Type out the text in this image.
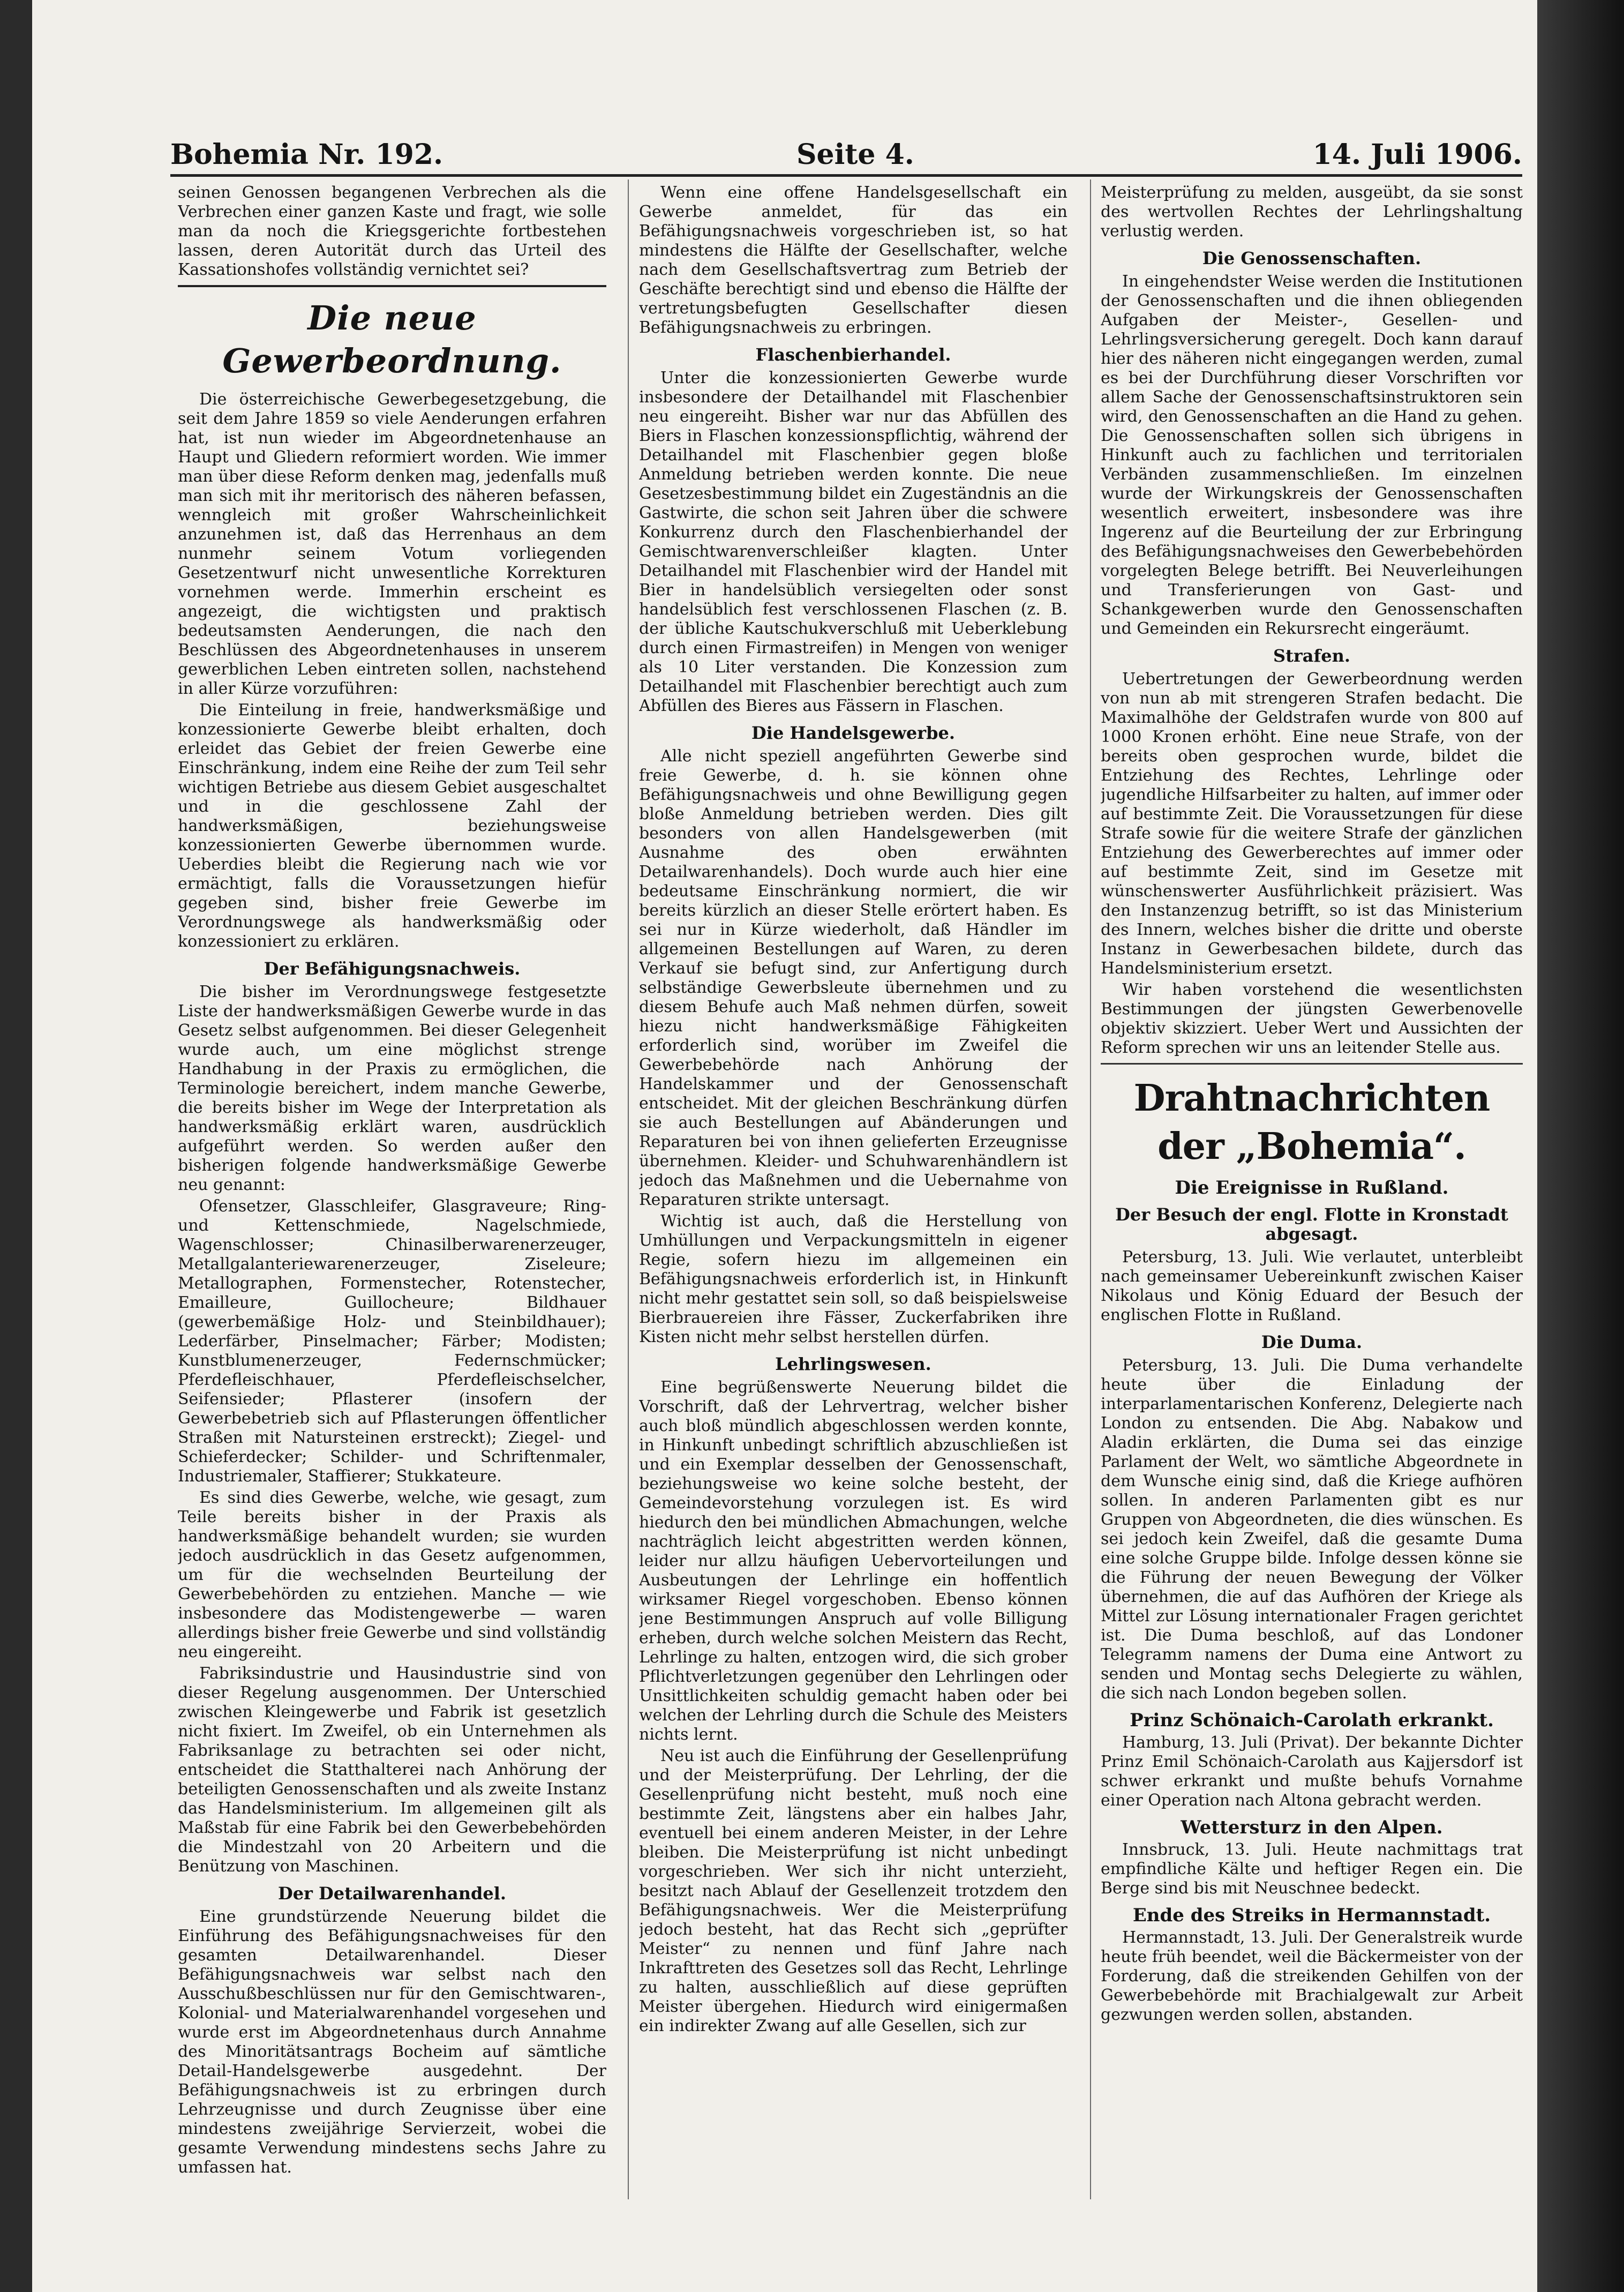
Bohemia Nr. 192.	Seite 4.	14. Juli 1906.

seinen Genossen begangenen Verbrechen als die Verbrechen einer ganzen Kaste und fragt, wie solle man da noch die Kriegsgerichte fortbestehen lassen, deren Autorität durch das Urteil des Kassationshofes vollständig vernichtet sei?

Die neue Gewerbeordnung.

Die österreichische Gewerbegesetzgebung, die seit dem Jahre 1859 so viele Aenderungen erfahren hat, ist nun wieder im Abgeordnetenhause an Haupt und Gliedern reformiert worden. Wie immer man über diese Reform denken mag, jedenfalls muß man sich mit ihr meritorisch des näheren befassen, wenngleich mit großer Wahrscheinlichkeit anzunehmen ist, daß das Herrenhaus an dem nunmehr seinem Votum vorliegenden Gesetzentwurf nicht unwesentliche Korrekturen vornehmen werde. Immerhin erscheint es angezeigt, die wichtigsten und praktisch bedeutsamsten Aenderungen, die nach den Beschlüssen des Abgeordnetenhauses in unserem gewerblichen Leben eintreten sollen, nachstehend in aller Kürze vorzuführen:

Die Einteilung in freie, handwerksmäßige und konzessionierte Gewerbe bleibt erhalten, doch erleidet das Gebiet der freien Gewerbe eine Einschränkung, indem eine Reihe der zum Teil sehr wichtigen Betriebe aus diesem Gebiet ausgeschaltet und in die geschlossene Zahl der handwerksmäßigen, beziehungsweise konzessionierten Gewerbe übernommen wurde. Ueberdies bleibt die Regierung nach wie vor ermächtigt, falls die Voraussetzungen hiefür gegeben sind, bisher freie Gewerbe im Verordnungswege als handwerksmäßig oder konzessioniert zu erklären.

Der Befähigungsnachweis.

Die bisher im Verordnungswege festgesetzte Liste der handwerksmäßigen Gewerbe wurde in das Gesetz selbst aufgenommen. Bei dieser Gelegenheit wurde auch, um eine möglichst strenge Handhabung in der Praxis zu ermöglichen, die Terminologie bereichert, indem manche Gewerbe, die bereits bisher im Wege der Interpretation als handwerksmäßig erklärt waren, ausdrücklich aufgeführt werden. So werden außer den bisherigen folgende handwerksmäßige Gewerbe neu genannt:

Ofensetzer, Glasschleifer, Glasgraveure; Ring- und Kettenschmiede, Nagelschmiede, Wagenschlosser; Chinasilberwarenerzeuger, Metallgalanteriewarenerzeuger, Ziseleure; Metallographen, Formenstecher, Rotenstecher, Emailleure, Guillocheure; Bildhauer (gewerbemäßige Holz- und Steinbildhauer); Lederfärber, Pinselmacher; Färber; Modisten; Kunstblumenerzeuger, Federnschmücker; Pferdefleischhauer, Pferdefleischselcher, Seifensieder; Pflasterer (insofern der Gewerbebetrieb sich auf Pflasterungen öffentlicher Straßen mit Natursteinen erstreckt); Ziegel- und Schieferdecker; Schilder- und Schriftenmaler, Industriemaler, Staffierer; Stukkateure.

Es sind dies Gewerbe, welche, wie gesagt, zum Teile bereits bisher in der Praxis als handwerksmäßige behandelt wurden; sie wurden jedoch ausdrücklich in das Gesetz aufgenommen, um für die wechselnden Beurteilung der Gewerbebehörden zu entziehen. Manche — wie insbesondere das Modistengewerbe — waren allerdings bisher freie Gewerbe und sind vollständig neu eingereiht.

Fabriksindustrie und Hausindustrie sind von dieser Regelung ausgenommen. Der Unterschied zwischen Kleingewerbe und Fabrik ist gesetzlich nicht fixiert. Im Zweifel, ob ein Unternehmen als Fabriksanlage zu betrachten sei oder nicht, entscheidet die Statthalterei nach Anhörung der beteiligten Genossenschaften und als zweite Instanz das Handelsministerium. Im allgemeinen gilt als Maßstab für eine Fabrik bei den Gewerbebehörden die Mindestzahl von 20 Arbeitern und die Benützung von Maschinen.

Der Detailwarenhandel.

Eine grundstürzende Neuerung bildet die Einführung des Befähigungsnachweises für den gesamten Detailwarenhandel. Dieser Befähigungsnachweis war selbst nach den Ausschußbeschlüssen nur für den Gemischtwaren-, Kolonial- und Materialwarenhandel vorgesehen und wurde erst im Abgeordnetenhaus durch Annahme des Minoritätsantrags Bocheim auf sämtliche Detail-Handelsgewerbe ausgedehnt. Der Befähigungsnachweis ist zu erbringen durch Lehrzeugnisse und durch Zeugnisse über eine mindestens zweijährige Servierzeit, wobei die gesamte Verwendung mindestens sechs Jahre zu umfassen hat.

Wenn eine offene Handelsgesellschaft ein Gewerbe anmeldet, für das ein Befähigungsnachweis vorgeschrieben ist, so hat mindestens die Hälfte der Gesellschafter, welche nach dem Gesellschaftsvertrag zum Betrieb der Geschäfte berechtigt sind und ebenso die Hälfte der vertretungsbefugten Gesellschafter diesen Befähigungsnachweis zu erbringen.

Flaschenbierhandel.

Unter die konzessionierten Gewerbe wurde insbesondere der Detailhandel mit Flaschenbier neu eingereiht. Bisher war nur das Abfüllen des Biers in Flaschen konzessionspflichtig, während der Detailhandel mit Flaschenbier gegen bloße Anmeldung betrieben werden konnte. Die neue Gesetzesbestimmung bildet ein Zugeständnis an die Gastwirte, die schon seit Jahren über die schwere Konkurrenz durch den Flaschenbierhandel der Gemischtwarenverschleißer klagten. Unter Detailhandel mit Flaschenbier wird der Handel mit Bier in handelsüblich versiegelten oder sonst handelsüblich fest verschlossenen Flaschen (z. B. der übliche Kautschukverschluß mit Ueberklebung durch einen Firmastreifen) in Mengen von weniger als 10 Liter verstanden. Die Konzession zum Detailhandel mit Flaschenbier berechtigt auch zum Abfüllen des Bieres aus Fässern in Flaschen.

Die Handelsgewerbe.

Alle nicht speziell angeführten Gewerbe sind freie Gewerbe, d. h. sie können ohne Befähigungsnachweis und ohne Bewilligung gegen bloße Anmeldung betrieben werden. Dies gilt besonders von allen Handelsgewerben (mit Ausnahme des oben erwähnten Detailwarenhandels). Doch wurde auch hier eine bedeutsame Einschränkung normiert, die wir bereits kürzlich an dieser Stelle erörtert haben. Es sei nur in Kürze wiederholt, daß Händler im allgemeinen Bestellungen auf Waren, zu deren Verkauf sie befugt sind, zur Anfertigung durch selbständige Gewerbsleute übernehmen und zu diesem Behufe auch Maß nehmen dürfen, soweit hiezu nicht handwerksmäßige Fähigkeiten erforderlich sind, worüber im Zweifel die Gewerbebehörde nach Anhörung der Handelskammer und der Genossenschaft entscheidet. Mit der gleichen Beschränkung dürfen sie auch Bestellungen auf Abänderungen und Reparaturen bei von ihnen gelieferten Erzeugnisse übernehmen. Kleider- und Schuhwarenhändlern ist jedoch das Maßnehmen und die Uebernahme von Reparaturen strikte untersagt.

Wichtig ist auch, daß die Herstellung von Umhüllungen und Verpackungsmitteln in eigener Regie, sofern hiezu im allgemeinen ein Befähigungsnachweis erforderlich ist, in Hinkunft nicht mehr gestattet sein soll, so daß beispielsweise Bierbrauereien ihre Fässer, Zuckerfabriken ihre Kisten nicht mehr selbst herstellen dürfen.

Lehrlingswesen.

Eine begrüßenswerte Neuerung bildet die Vorschrift, daß der Lehrvertrag, welcher bisher auch bloß mündlich abgeschlossen werden konnte, in Hinkunft unbedingt schriftlich abzuschließen ist und ein Exemplar desselben der Genossenschaft, beziehungsweise wo keine solche besteht, der Gemeindevorstehung vorzulegen ist. Es wird hiedurch den bei mündlichen Abmachungen, welche nachträglich leicht abgestritten werden können, leider nur allzu häufigen Uebervorteilungen und Ausbeutungen der Lehrlinge ein hoffentlich wirksamer Riegel vorgeschoben. Ebenso können jene Bestimmungen Anspruch auf volle Billigung erheben, durch welche solchen Meistern das Recht, Lehrlinge zu halten, entzogen wird, die sich grober Pflichtverletzungen gegenüber den Lehrlingen oder Unsittlichkeiten schuldig gemacht haben oder bei welchen der Lehrling durch die Schule des Meisters nichts lernt.

Neu ist auch die Einführung der Gesellenprüfung und der Meisterprüfung. Der Lehrling, der die Gesellenprüfung nicht besteht, muß noch eine bestimmte Zeit, längstens aber ein halbes Jahr, eventuell bei einem anderen Meister, in der Lehre bleiben. Die Meisterprüfung ist nicht unbedingt vorgeschrieben. Wer sich ihr nicht unterzieht, besitzt nach Ablauf der Gesellenzeit trotzdem den Befähigungsnachweis. Wer die Meisterprüfung jedoch besteht, hat das Recht sich „geprüfter Meister“ zu nennen und fünf Jahre nach Inkrafttreten des Gesetzes soll das Recht, Lehrlinge zu halten, ausschließlich auf diese geprüften Meister übergehen. Hiedurch wird einigermaßen ein indirekter Zwang auf alle Gesellen, sich zur

Meisterprüfung zu melden, ausgeübt, da sie sonst des wertvollen Rechtes der Lehrlingshaltung verlustig werden.

Die Genossenschaften.

In eingehendster Weise werden die Institutionen der Genossenschaften und die ihnen obliegenden Aufgaben der Meister-, Gesellen- und Lehrlingsversicherung geregelt. Doch kann darauf hier des näheren nicht eingegangen werden, zumal es bei der Durchführung dieser Vorschriften vor allem Sache der Genossenschaftsinstruktoren sein wird, den Genossenschaften an die Hand zu gehen. Die Genossenschaften sollen sich übrigens in Hinkunft auch zu fachlichen und territorialen Verbänden zusammenschließen. Im einzelnen wurde der Wirkungskreis der Genossenschaften wesentlich erweitert, insbesondere was ihre Ingerenz auf die Beurteilung der zur Erbringung des Befähigungsnachweises den Gewerbebehörden vorgelegten Belege betrifft. Bei Neuverleihungen und Transferierungen von Gast- und Schankgewerben wurde den Genossenschaften und Gemeinden ein Rekursrecht eingeräumt.

Strafen.

Uebertretungen der Gewerbeordnung werden von nun ab mit strengeren Strafen bedacht. Die Maximalhöhe der Geldstrafen wurde von 800 auf 1000 Kronen erhöht. Eine neue Strafe, von der bereits oben gesprochen wurde, bildet die Entziehung des Rechtes, Lehrlinge oder jugendliche Hilfsarbeiter zu halten, auf immer oder auf bestimmte Zeit. Die Voraussetzungen für diese Strafe sowie für die weitere Strafe der gänzlichen Entziehung des Gewerberechtes auf immer oder auf bestimmte Zeit, sind im Gesetze mit wünschenswerter Ausführlichkeit präzisiert. Was den Instanzenzug betrifft, so ist das Ministerium des Innern, welches bisher die dritte und oberste Instanz in Gewerbesachen bildete, durch das Handelsministerium ersetzt.

Wir haben vorstehend die wesentlichsten Bestimmungen der jüngsten Gewerbenovelle objektiv skizziert. Ueber Wert und Aussichten der Reform sprechen wir uns an leitender Stelle aus.

Drahtnachrichten der „Bohemia“.
Die Ereignisse in Rußland.
Der Besuch der engl. Flotte in Kronstadt abgesagt.

Petersburg, 13. Juli. Wie verlautet, unterbleibt nach gemeinsamer Uebereinkunft zwischen Kaiser Nikolaus und König Eduard der Besuch der englischen Flotte in Rußland.

Die Duma.

Petersburg, 13. Juli. Die Duma verhandelte heute über die Einladung der interparlamentarischen Konferenz, Delegierte nach London zu entsenden. Die Abg. Nabakow und Aladin erklärten, die Duma sei das einzige Parlament der Welt, wo sämtliche Abgeordnete in dem Wunsche einig sind, daß die Kriege aufhören sollen. In anderen Parlamenten gibt es nur Gruppen von Abgeordneten, die dies wünschen. Es sei jedoch kein Zweifel, daß die gesamte Duma eine solche Gruppe bilde. Infolge dessen könne sie die Führung der neuen Bewegung der Völker übernehmen, die auf das Aufhören der Kriege als Mittel zur Lösung internationaler Fragen gerichtet ist. Die Duma beschloß, auf das Londoner Telegramm namens der Duma eine Antwort zu senden und Montag sechs Delegierte zu wählen, die sich nach London begeben sollen.

Prinz Schönaich-Carolath erkrankt.

Hamburg, 13. Juli (Privat). Der bekannte Dichter Prinz Emil Schönaich-Carolath aus Kajjersdorf ist schwer erkrankt und mußte behufs Vornahme einer Operation nach Altona gebracht werden.

Wettersturz in den Alpen.

Innsbruck, 13. Juli. Heute nachmittags trat empfindliche Kälte und heftiger Regen ein. Die Berge sind bis mit Neuschnee bedeckt.

Ende des Streiks in Hermannstadt.

Hermannstadt, 13. Juli. Der Generalstreik wurde heute früh beendet, weil die Bäckermeister von der Forderung, daß die streikenden Gehilfen von der Gewerbebehörde mit Brachialgewalt zur Arbeit gezwungen werden sollen, abstanden.
